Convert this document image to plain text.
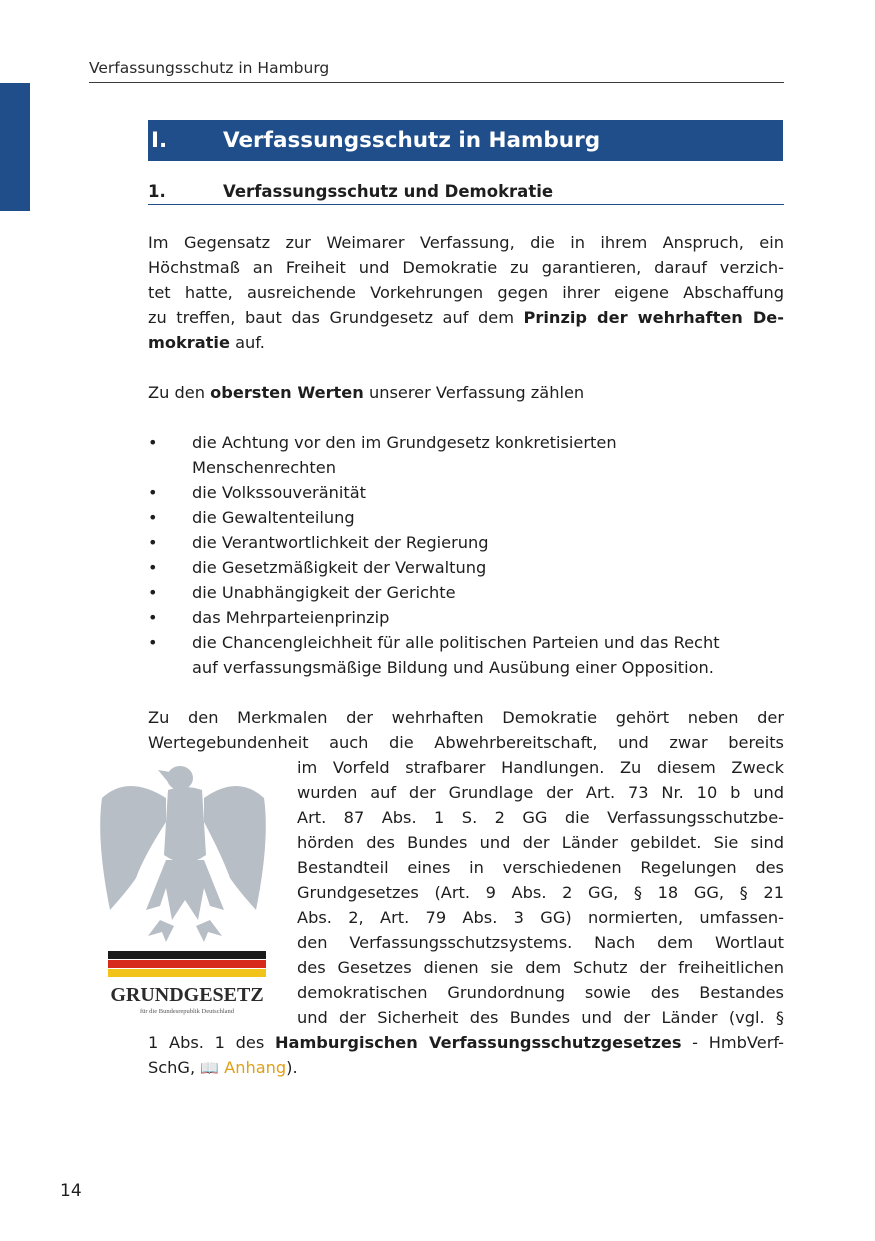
Verfassungsschutz in Hamburg
I.	Verfassungsschutz in Hamburg
1.	Verfassungsschutz und Demokratie
Im Gegensatz zur Weimarer Verfassung, die in ihrem Anspruch, ein
Höchstmaß an Freiheit und Demokratie zu garantieren, darauf verzich-
tet hatte, ausreichende Vorkehrungen gegen ihrer eigene Abschaffung
zu treffen, baut das Grundgesetz auf dem Prinzip der wehrhaften De-
mokratie auf.
Zu den obersten Werten unserer Verfassung zählen
• die Achtung vor den im Grundgesetz konkretisierten
Menschenrechten
• die Volkssouveränität
• die Gewaltenteilung
• die Verantwortlichkeit der Regierung
• die Gesetzmäßigkeit der Verwaltung
• die Unabhängigkeit der Gerichte
• das Mehrparteienprinzip
• die Chancengleichheit für alle politischen Parteien und das Recht
auf verfassungsmäßige Bildung und Ausübung einer Opposition.
Zu den Merkmalen der wehrhaften Demokratie gehört neben der
Wertegebundenheit auch die Abwehrbereitschaft, und zwar bereits
im Vorfeld strafbarer Handlungen. Zu diesem Zweck
wurden auf der Grundlage der Art. 73 Nr. 10 b und
Art. 87 Abs. 1 S. 2 GG die Verfassungsschutzbe-
hörden des Bundes und der Länder gebildet. Sie sind
Bestandteil eines in verschiedenen Regelungen des
Grundgesetzes (Art. 9 Abs. 2 GG, § 18 GG, § 21
Abs. 2, Art. 79 Abs. 3 GG) normierten, umfassen-
den Verfassungsschutzsystems. Nach dem Wortlaut
des Gesetzes dienen sie dem Schutz der freiheitlichen
demokratischen Grundordnung sowie des Bestandes
und der Sicherheit des Bundes und der Länder (vgl. §
1 Abs. 1 des Hamburgischen Verfassungsschutzgesetzes - HmbVerf-
SchG, 📖 Anhang).
GRUNDGESETZ
für die Bundesrepublik Deutschland
14
